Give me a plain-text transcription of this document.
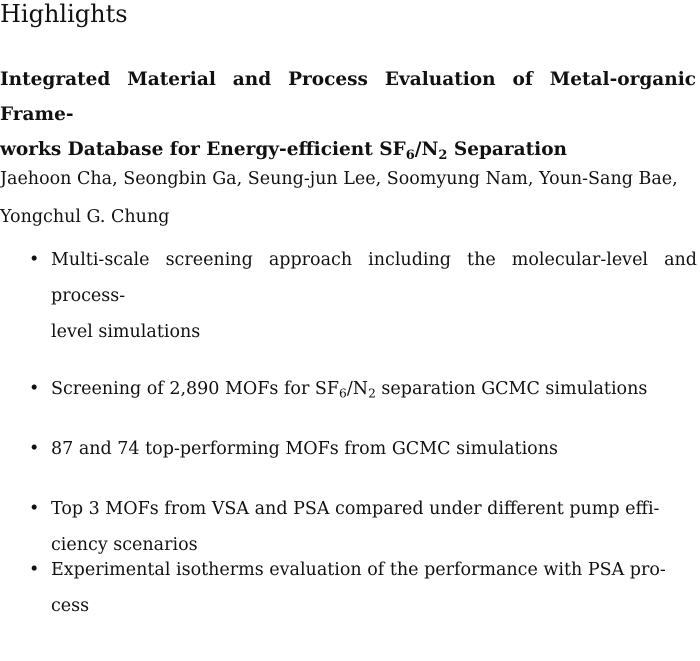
Highlights
Integrated Material and Process Evaluation of Metal-organic Frame-
works Database for Energy-efficient $SF_6/N_2$ Separation
Jaehoon Cha, Seongbin Ga, Seung-jun Lee, Soomyung Nam, Youn-Sang Bae,
Yongchul G. Chung
• Multi-scale screening approach including the molecular-level and process-
level simulations
• Screening of 2,890 MOFs for $SF_6/N_2$ separation GCMC simulations
• 87 and 74 top-performing MOFs from GCMC simulations
• Top 3 MOFs from VSA and PSA compared under different pump effi-
ciency scenarios
• Experimental isotherms evaluation of the performance with PSA pro-
cess
